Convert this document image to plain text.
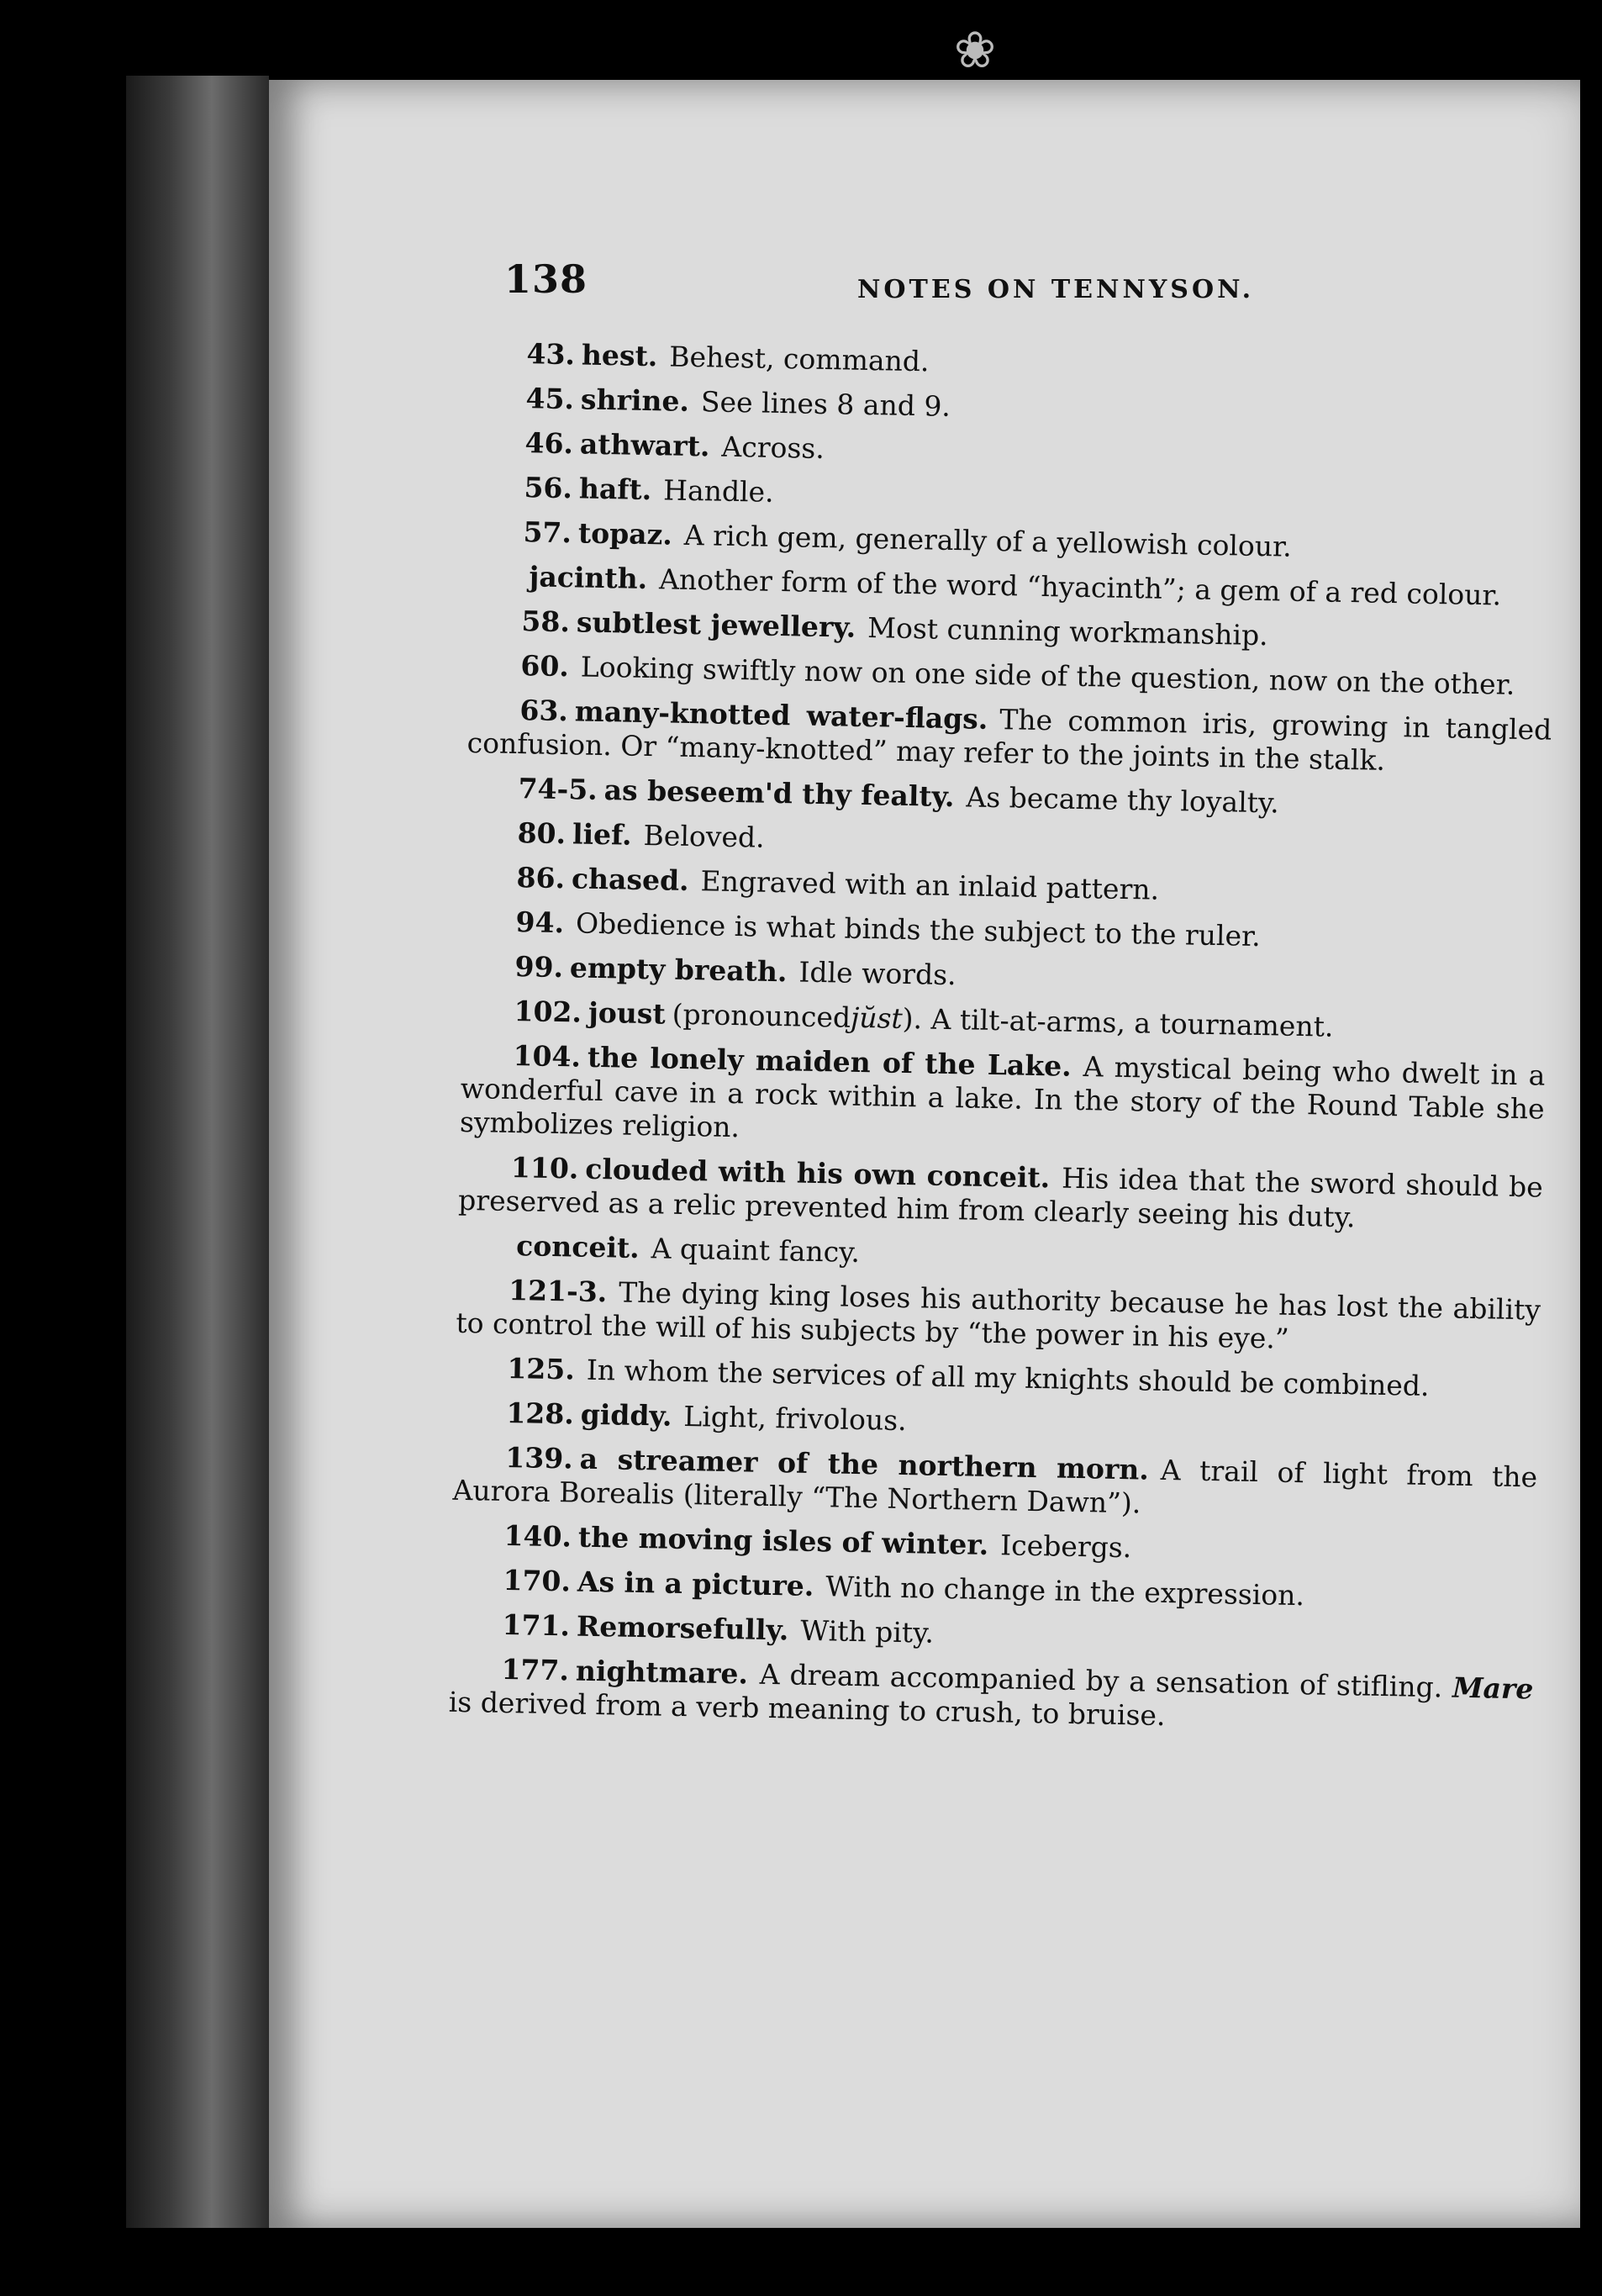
❀
138	NOTES ON TENNYSON.

43. hest. Behest, command.

45. shrine. See lines 8 and 9.

46. athwart. Across.

56. haft. Handle.

57. topaz. A rich gem, generally of a yellowish colour.

jacinth. Another form of the word “hyacinth”; a gem of a red colour.

58. subtlest jewellery. Most cunning workmanship.

60. Looking swiftly now on one side of the question, now on the other.

63. many-knotted water-flags. The common iris, growing in tangled confusion. Or “many-knotted” may refer to the joints in the stalk.

74-5. as beseem'd thy fealty. As became thy loyalty.

80. lief. Beloved.

86. chased. Engraved with an inlaid pattern.

94. Obedience is what binds the subject to the ruler.

99. empty breath. Idle words.

102. joust (pronouncedjŭst). A tilt-at-arms, a tournament.

104. the lonely maiden of the Lake. A mystical being who dwelt in a wonderful cave in a rock within a lake. In the story of the Round Table she symbolizes religion.

110. clouded with his own conceit. His idea that the sword should be preserved as a relic prevented him from clearly seeing his duty.

conceit. A quaint fancy.

121-3. The dying king loses his authority because he has lost the ability to control the will of his subjects by “the power in his eye.”

125. In whom the services of all my knights should be combined.

128. giddy. Light, frivolous.

139. a streamer of the northern morn. A trail of light from the Aurora Borealis (literally “The Northern Dawn”).

140. the moving isles of winter. Icebergs.

170. As in a picture. With no change in the expression.

171. Remorsefully. With pity.

177. nightmare. A dream accompanied by a sensation of stifling. Mare is derived from a verb meaning to crush, to bruise.
